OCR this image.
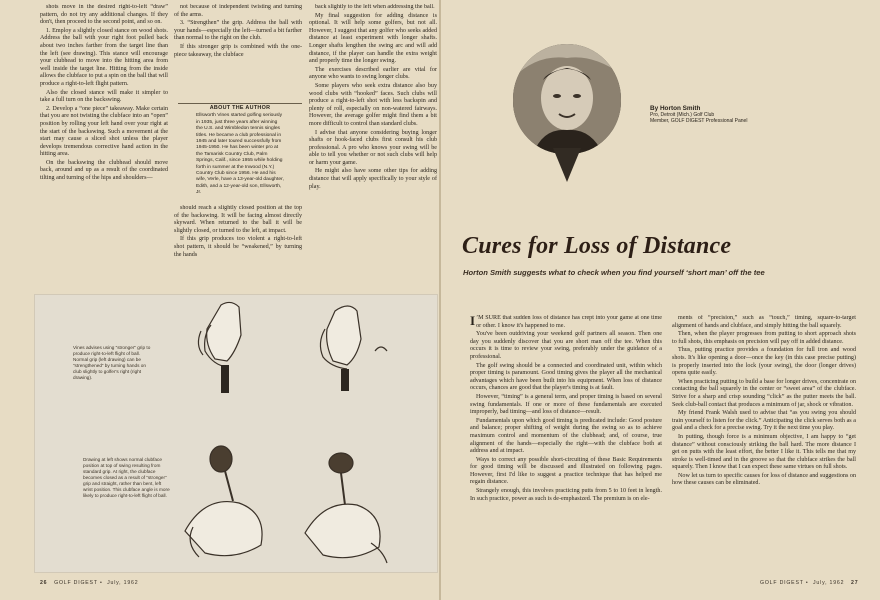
shots move in the desired right-to-left “draw” pattern, do not try any additional changes. If they don't, then proceed to the second point, and so on.

1. Employ a slightly closed stance on wood shots. Address the ball with your right foot pulled back about two inches farther from the target line than the left (see drawing). This stance will encourage your clubhead to move into the hitting area from well inside the target line. Hitting from the inside allows the clubface to put a spin on the ball that will produce a right-to-left flight pattern.

Also the closed stance will make it simpler to take a full turn on the backswing.

2. Develop a “one piece” takeaway. Make certain that you are not twisting the clubface into an “open” position by rolling your left hand over your right at the start of the backswing. Such a movement at the start may cause a sliced shot unless the player develops tremendous corrective hand action in the hitting area.

On the backswing the clubhead should move back, around and up as a result of the coordinated tilting and turning of the hips and shoulders—

not because of independent twisting and turning of the arms.

3. “Strengthen” the grip. Address the ball with your hands—especially the left—turned a bit farther than normal to the right on the club.

If this stronger grip is combined with the one-piece takeaway, the clubface

ABOUT THE AUTHOR
Ellsworth Vines started golfing seriously in 1935, just three years after winning the U.S. and Wimbledon tennis singles titles. He became a club professional in 1945 and later toured successfully from 1945-1950. He has been winter pro at the Tamarisk Country Club, Palm Springs, Calif., since 1955 while holding forth in summer at the Inwood (N.Y.) Country Club since 1956. He and his wife, Verle, have a 13-year-old daughter, Edith, and a 12-year-old son, Ellsworth, Jr.

should reach a slightly closed position at the top of the backswing. It will be facing almost directly skyward. When returned to the ball it will be slightly closed, or turned to the left, at impact.

If this grip produces too violent a right-to-left shot pattern, it should be “weakened,” by turning the hands

back slightly to the left when addressing the ball.

My final suggestion for adding distance is optional. It will help some golfers, but not all. However, I suggest that any golfer who seeks added distance at least experiment with longer shafts. Longer shafts lengthen the swing arc and will add distance, if the player can handle the extra weight and properly time the longer swing.

The exercises described earlier are vital for anyone who wants to swing longer clubs.

Some players who seek extra distance also buy wood clubs with “hooked” faces. Such clubs will produce a right-to-left shot with less backspin and plenty of roll, especially on non-watered fairways. However, the average golfer might find them a bit more difficult to control than standard clubs.

I advise that anyone considering buying longer shafts or hook-faced clubs first consult his club professional. A pro who knows your swing will be able to tell you whether or not such clubs will help or harm your game.

He might also have some other tips for adding distance that will apply specifically to your style of play.

Vines advises using “stronger” grip to produce right-to-left flight of ball. Normal grip (left drawing) can be “strengthened” by turning hands on club slightly to golfer's right (right drawing).
Drawing at left shows normal clubface position at top of swing resulting from standard grip. At right, the clubface becomes closed as a result of “stronger” grip and straight, rather than bent, left wrist position. This clubface angle is more likely to produce right-to-left flight of ball.
26 GOLF DIGEST •  July, 1962
By Horton Smith
Pro, Detroit (Mich.) Golf Club
Member, GOLF DIGEST Professional Panel
Cures for Loss of Distance
Horton Smith suggests what to check when you find yourself ‘short man’ off the tee

I ’M SURE that sudden loss of distance has crept into your game at one time or other. I know it's happened to me.

You've been outdriving your weekend golf partners all season. Then one day you suddenly discover that you are short man off the tee. When this occurs it is time to review your swing, preferably under the guidance of a professional.

The golf swing should be a connected and coordinated unit, within which proper timing is paramount. Good timing gives the player all the mechanical advantages which have been built into his equipment. When loss of distance occurs, chances are good that the player's timing is at fault.

However, “timing” is a general term, and proper timing is based on several swing fundamentals. If one or more of these fundamentals are executed improperly, bad timing—and loss of distance—result.

Fundamentals upon which good timing is predicated include: Good posture and balance; proper shifting of weight during the swing so as to achieve maximum control and momentum of the clubhead; and, of course, true alignment of the hands—especially the right—with the clubface both at address and at impact.

Ways to correct any possible short-circuiting of these Basic Requirements for good timing will be discussed and illustrated on following pages. However, first I'd like to suggest a practice technique that has helped me regain distance.

Strangely enough, this involves practicing putts from 5 to 10 feet in length. In such practice, power as such is de-emphasized. The premium is on ele-

ments of “precision,” such as “touch,” timing, square-to-target alignment of hands and clubface, and simply hitting the ball squarely.

Then, when the player progresses from putting to short approach shots to full shots, this emphasis on precision will pay off in added distance.

Thus, putting practice provides a foundation for full iron and wood shots. It's like opening a door—once the key (in this case precise putting) is properly inserted into the lock (your swing), the door (longer drives) opens quite easily.

When practicing putting to build a base for longer drives, concentrate on contacting the ball squarely in the center or “sweet area” of the clubface. Strive for a sharp and crisp sounding “click” as the putter meets the ball. Seek club-ball contact that produces a minimum of jar, shock or vibration.

My friend Frank Walsh used to advise that “as you swing you should train yourself to listen for the click.” Anticipating the click serves both as a goal and a check for a precise swing. Try it the next time you play.

In putting, though force is a minimum objective, I am happy to “get distance” without consciously striking the ball hard. The more distance I get on putts with the least effort, the better I like it. This tells me that my stroke is well-timed and in the groove so that the clubface strikes the ball squarely. Then I know that I can expect these same virtues on full shots.

Now let us turn to specific causes for loss of distance and suggestions on how these causes can be eliminated.

GOLF DIGEST •  July, 1962 27
